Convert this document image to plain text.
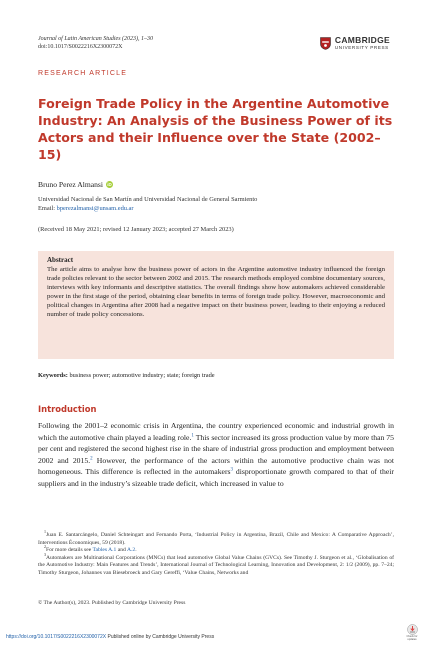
Journal of Latin American Studies (2023), 1–30
doi:10.1017/S0022216X2300072X
CAMBRIDGE
UNIVERSITY PRESS
RESEARCH ARTICLE
Foreign Trade Policy in the Argentine Automotive Industry: An Analysis of the Business Power of its Actors and their Influence over the State (2002–15)
Bruno Perez Almansi iD
Universidad Nacional de San Martín and Universidad Nacional de General Sarmiento
Email: bperezalmansi@unsam.edu.ar
(Received 18 May 2021; revised 12 January 2023; accepted 27 March 2023)
Abstract
The article aims to analyse how the business power of actors in the Argentine automotive industry influenced the foreign trade policies relevant to the sector between 2002 and 2015. The research methods employed combine documentary sources, interviews with key informants and descriptive statistics. The overall findings show how automakers achieved considerable power in the first stage of the period, obtaining clear benefits in terms of foreign trade policy. However, macroeconomic and political changes in Argentina after 2008 had a negative impact on their business power, leading to their enjoying a reduced number of trade policy concessions.
Keywords: business power; automotive industry; state; foreign trade
Introduction
Following the 2001–2 economic crisis in Argentina, the country experienced economic and industrial growth in which the automotive chain played a leading role.$^1$ This sector increased its gross production value by more than 75 per cent and registered the second highest rise in the share of industrial gross production and employment between 2002 and 2015.$^2$ However, the performance of the actors within the automotive productive chain was not homogeneous. This difference is reflected in the automakers$^3$ disproportionate growth compared to that of their suppliers and in the industry’s sizeable trade deficit, which increased in value to

$^1$Juan E. Santarcángelo, Daniel Schteingart and Fernando Porta, ‘Industrial Policy in Argentina, Brazil, Chile and Mexico: A Comparative Approach’, Interventions Économiques, 59 (2018).

$^2$For more details see Tables A.1 and A.2.

$^3$Automakers are Multinational Corporations (MNCs) that lead automotive Global Value Chains (GVCs). See Timothy J. Sturgeon et al., ‘Globalisation of the Automotive Industry: Main Features and Trends’, International Journal of Technological Learning, Innovation and Development, 2: 1/2 (2009), pp. 7–24; Timothy Sturgeon, Johannes van Biesebroeck and Gary Gereffi, ‘Value Chains, Networks and

© The Author(s), 2023. Published by Cambridge University Press
https://doi.org/10.1017/S0022216X2300072X Published online by Cambridge University Press	Check for updates
